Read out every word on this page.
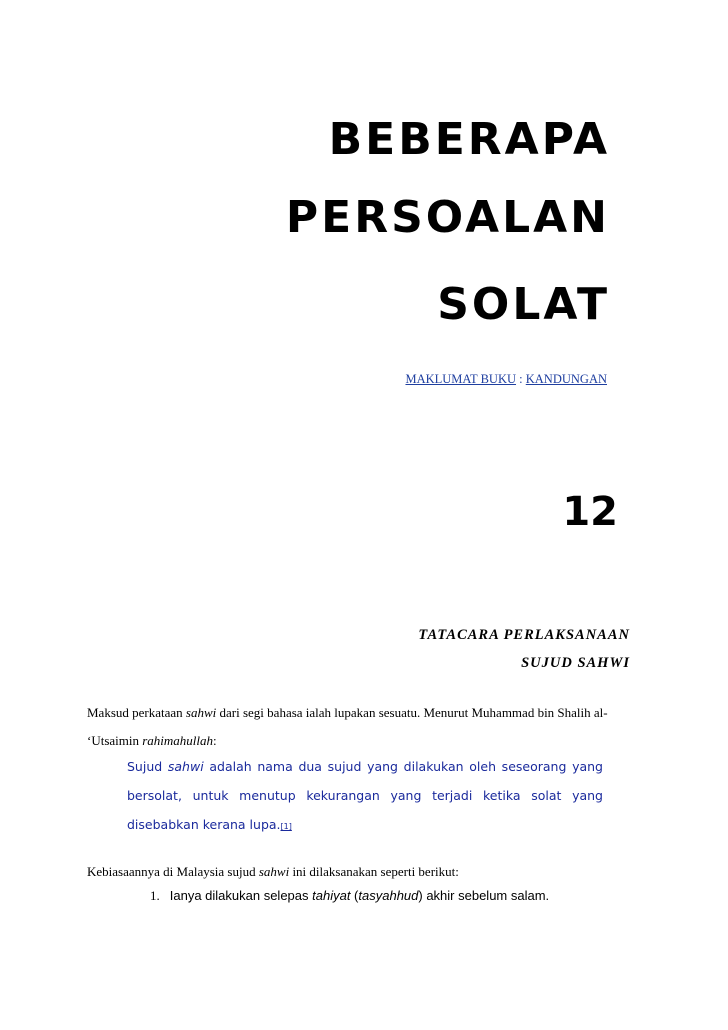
BEBERAPA
PERSOALAN
SOLAT
MAKLUMAT BUKU : KANDUNGAN
12
TATACARA PERLAKSANAAN
SUJUD SAHWI
Maksud perkataan sahwi dari segi bahasa ialah lupakan sesuatu. Menurut Muhammad bin Shalih al-
‘Utsaimin rahimahullah:
Sujud sahwi adalah nama dua sujud yang dilakukan oleh seseorang yang
bersolat, untuk menutup kekurangan yang terjadi ketika solat yang
disebabkan kerana lupa.[1]
Kebiasaannya di Malaysia sujud sahwi ini dilaksanakan seperti berikut:
1. Ianya dilakukan selepas tahiyat (tasyahhud) akhir sebelum salam.
